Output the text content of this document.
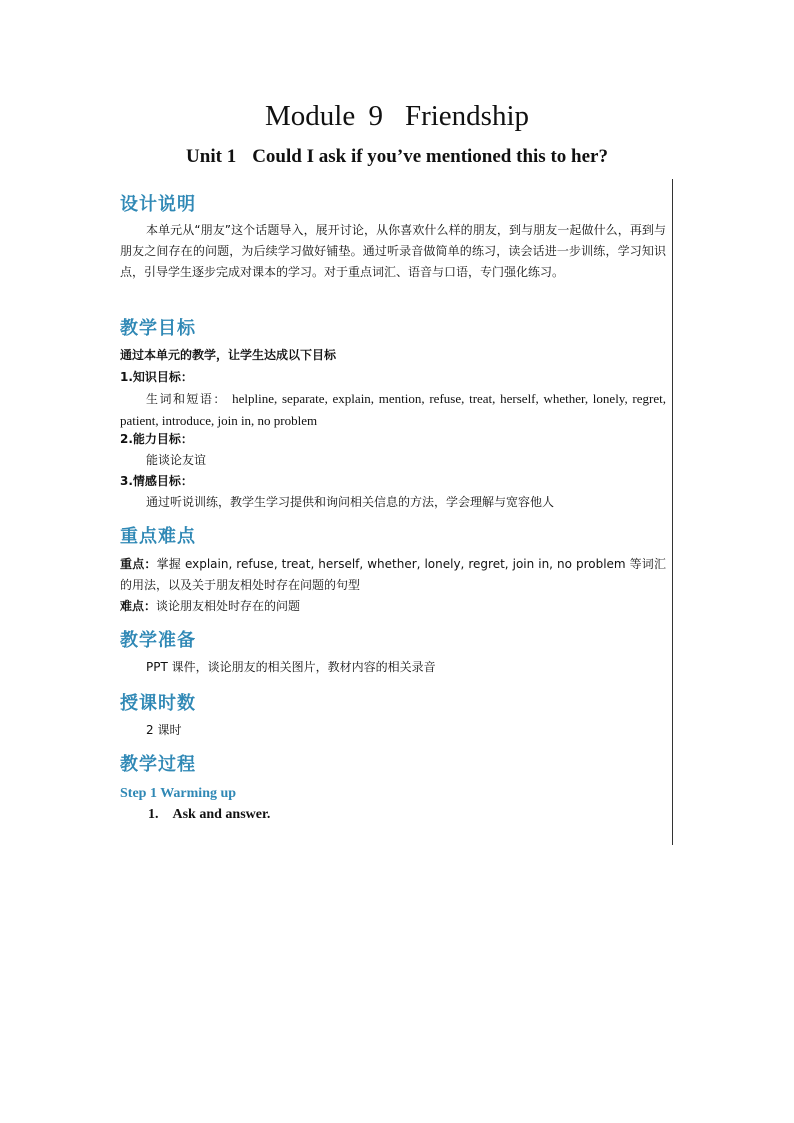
Module 9 Friendship
Unit 1 Could I ask if you’ve mentioned this to her?
设计说明
本单元从“朋友”这个话题导入，展开讨论，从你喜欢什么样的朋友，到与朋友一起做什么，再到与朋友之间存在的问题，为后续学习做好铺垫。通过听录音做简单的练习，读会话进一步训练，学习知识点，引导学生逐步完成对课本的学习。对于重点词汇、语音与口语，专门强化练习。
教学目标
通过本单元的教学，让学生达成以下目标
1.知识目标：
生词和短语： helpline, separate, explain, mention, refuse, treat, herself, whether, lonely, regret, patient, introduce, join in, no problem
2.能力目标：
能谈论友谊
3.情感目标：
通过听说训练，教学生学习提供和询问相关信息的方法，学会理解与宽容他人
重点难点
重点：掌握 explain, refuse, treat, herself, whether, lonely, regret, join in, no problem 等词汇的用法，以及关于朋友相处时存在问题的句型
难点：谈论朋友相处时存在的问题
教学准备
PPT 课件，谈论朋友的相关图片，教材内容的相关录音
授课时数
2 课时
教学过程
Step 1 Warming up
1. Ask and answer.
